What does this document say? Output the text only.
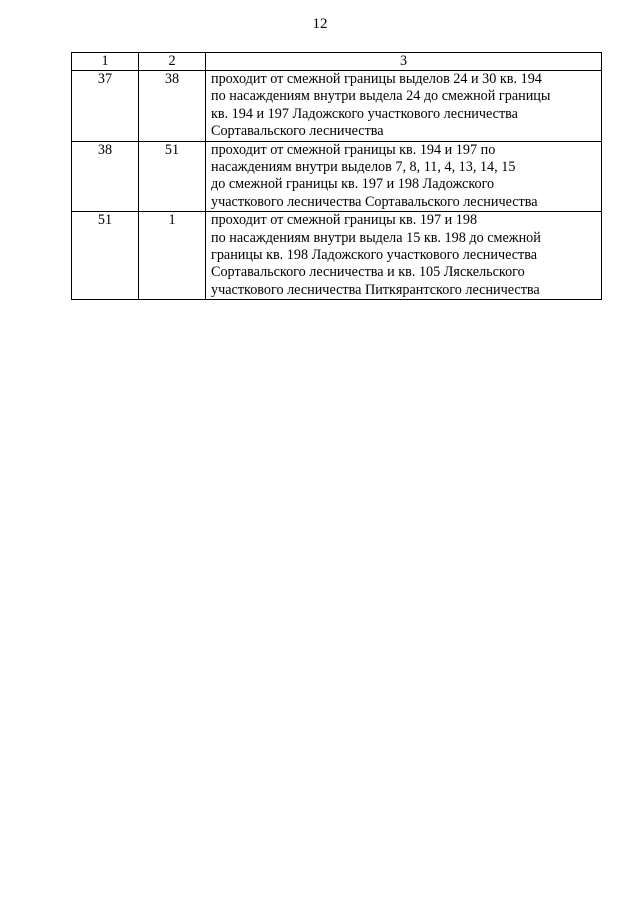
12
1	2	3
37	38	проходит от смежной границы выделов 24 и 30 кв. 194
по насаждениям внутри выдела 24 до смежной границы
кв. 194 и 197 Ладожского участкового лесничества
Сортавальского лесничества

38	51	проходит от смежной границы кв. 194 и 197 по
насаждениям внутри выделов 7, 8, 11, 4, 13, 14, 15
до смежной границы кв. 197 и 198 Ладожского
участкового лесничества Сортавальского лесничества

51	1	проходит от смежной границы кв. 197 и 198
по насаждениям внутри выдела 15 кв. 198 до смежной
границы кв. 198 Ладожского участкового лесничества
Сортавальского лесничества и кв. 105 Ляскельского
участкового лесничества Питкярантского лесничества
